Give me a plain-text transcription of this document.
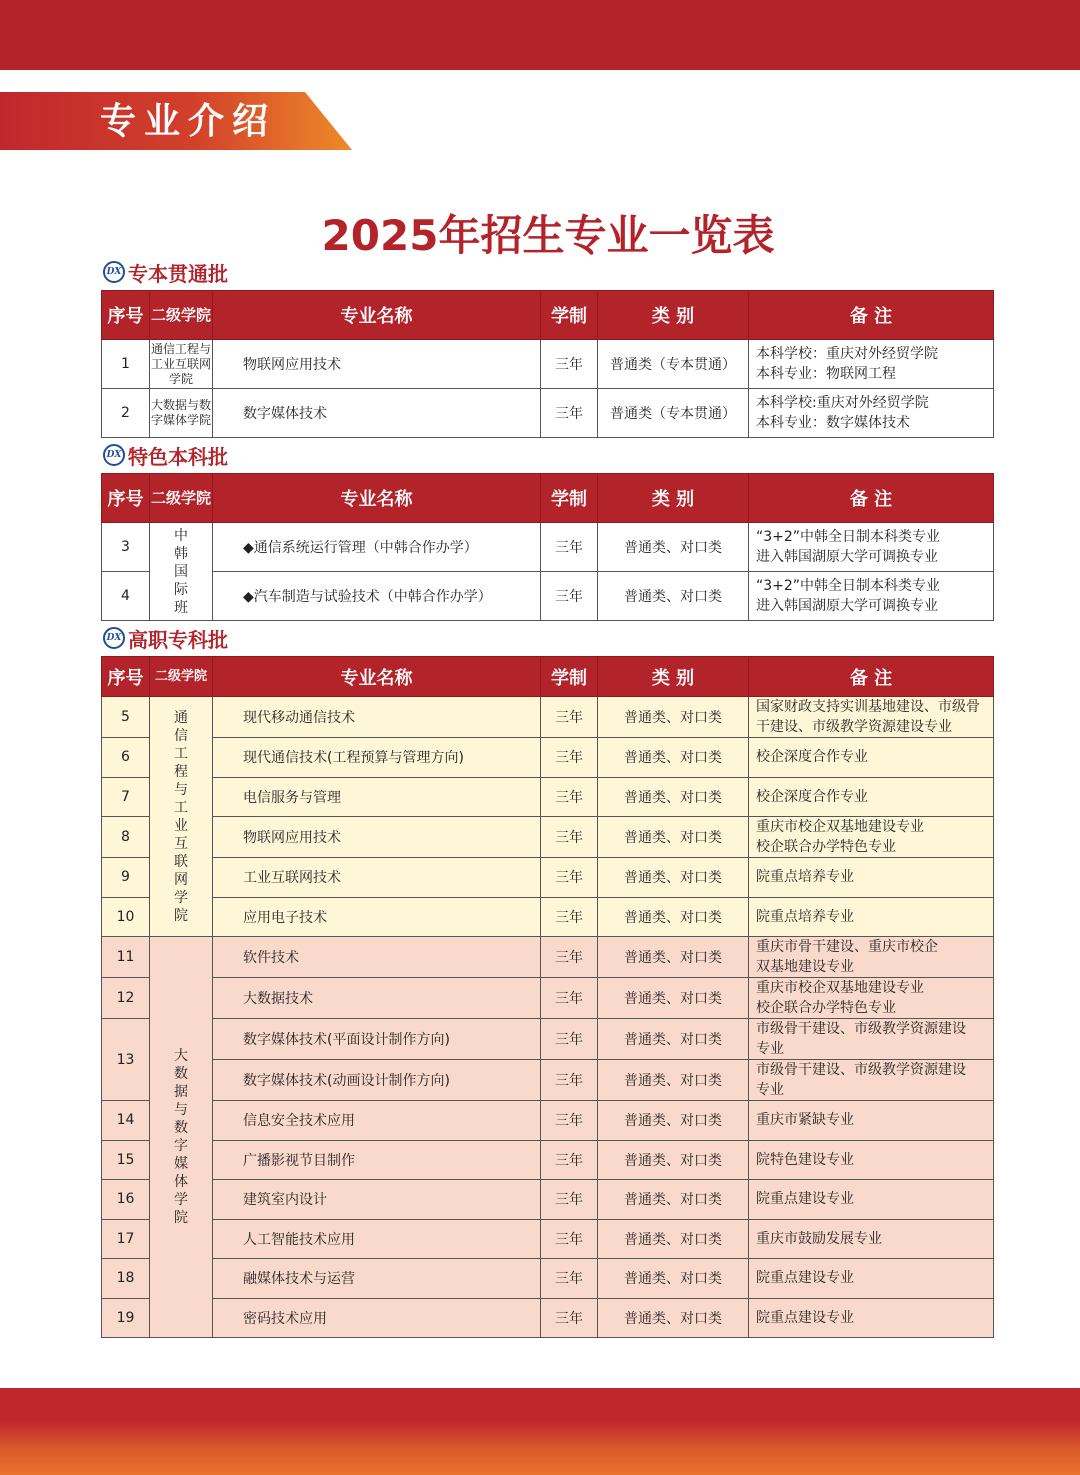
专业介绍
2025年招生专业一览表
DX 专本贯通批
序号	二级学院	专业名称	学制	类 别	备 注
1	通信工程与工业互联网学院	物联网应用技术	三年	普通类（专本贯通）	本科学校：重庆对外经贸学院
本科专业：物联网工程

2	大数据与数字媒体学院	数字媒体技术	三年	普通类（专本贯通）	本科学校:重庆对外经贸学院
本科专业：数字媒体技术
DX 特色本科批
序号	二级学院	专业名称	学制	类 别	备 注
3	中韩国际班	◆通信系统运行管理（中韩合作办学）	三年	普通类、对口类	“3+2”中韩全日制本科类专业
进入韩国湖原大学可调换专业

4		◆汽车制造与试验技术（中韩合作办学）	三年	普通类、对口类	“3+2”中韩全日制本科类专业
进入韩国湖原大学可调换专业
DX 高职专科批
序号	二级学院	专业名称	学制	类 别	备 注
5	通信工程与工业互联网学院	现代移动通信技术	三年	普通类、对口类	国家财政支持实训基地建设、市级骨
干建设、市级教学资源建设专业

6		现代通信技术(工程预算与管理方向)	三年	普通类、对口类	校企深度合作专业

7		电信服务与管理	三年	普通类、对口类	校企深度合作专业

8		物联网应用技术	三年	普通类、对口类	重庆市校企双基地建设专业
校企联合办学特色专业

9		工业互联网技术	三年	普通类、对口类	院重点培养专业

10		应用电子技术	三年	普通类、对口类	院重点培养专业

11	大数据与数字媒体学院	软件技术	三年	普通类、对口类	重庆市骨干建设、重庆市校企
双基地建设专业

12		大数据技术	三年	普通类、对口类	重庆市校企双基地建设专业
校企联合办学特色专业

13		数字媒体技术(平面设计制作方向)	三年	普通类、对口类	市级骨干建设、市级教学资源建设
专业

		数字媒体技术(动画设计制作方向)	三年	普通类、对口类	市级骨干建设、市级教学资源建设
专业

14		信息安全技术应用	三年	普通类、对口类	重庆市紧缺专业

15		广播影视节目制作	三年	普通类、对口类	院特色建设专业

16		建筑室内设计	三年	普通类、对口类	院重点建设专业

17		人工智能技术应用	三年	普通类、对口类	重庆市鼓励发展专业

18		融媒体技术与运营	三年	普通类、对口类	院重点建设专业

19		密码技术应用	三年	普通类、对口类	院重点建设专业
